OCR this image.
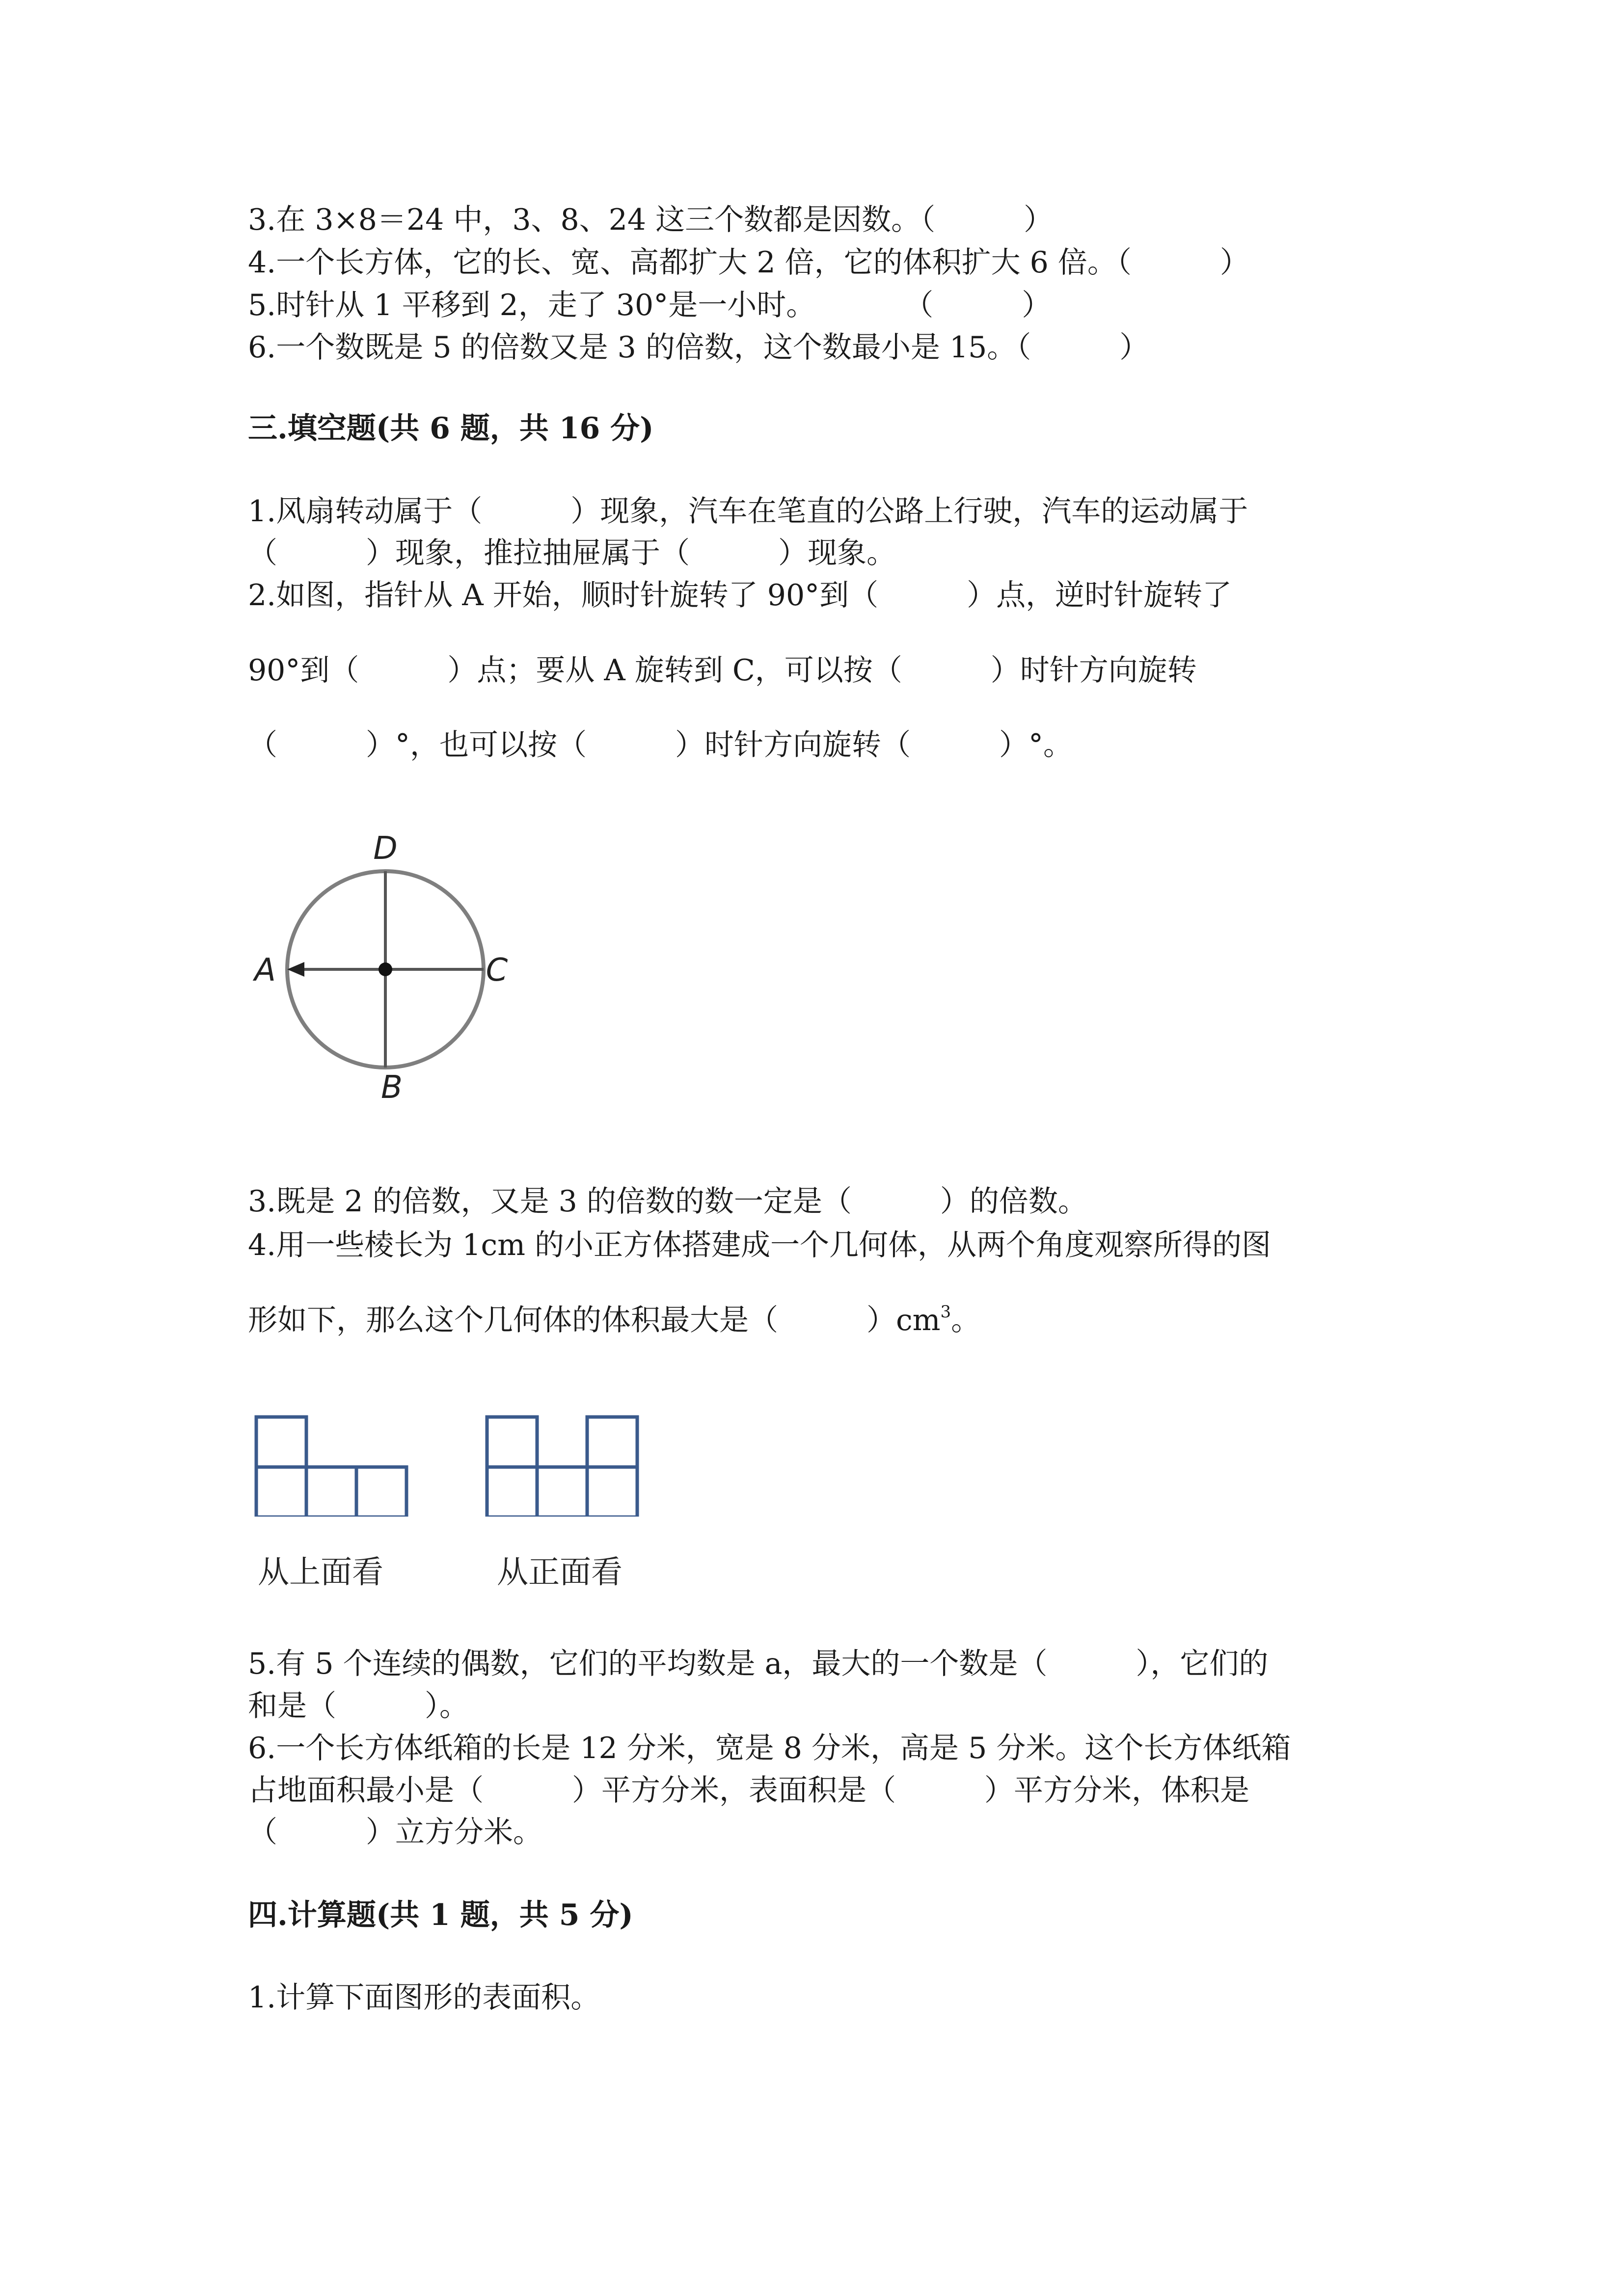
3.在 3×8＝24 中，3、8、24 这三个数都是因数。（　　　）

4.一个长方体，它的长、宽、高都扩大 2 倍，它的体积扩大 6 倍。（　　　）

5.时针从 1 平移到 2，走了 30°是一小时。　　　　（　　　）

6.一个数既是 5 的倍数又是 3 的倍数，这个数最小是 15。（　　　）

三.填空题(共 6 题，共 16 分)

1.风扇转动属于（　　　）现象，汽车在笔直的公路上行驶，汽车的运动属于

（　　　）现象，推拉抽屉属于（　　　）现象。

2.如图，指针从 A 开始，顺时针旋转了 90°到（　　　）点，逆时针旋转了

90°到（　　　）点；要从 A 旋转到 C，可以按（　　　）时针方向旋转

（　　　）°，也可以按（　　　）时针方向旋转（　　　）°。

D
A	C
B

3.既是 2 的倍数，又是 3 的倍数的数一定是（　　　）的倍数。

4.用一些棱长为 1cm 的小正方体搭建成一个几何体，从两个角度观察所得的图

形如下，那么这个几何体的体积最大是（　　　）$cm^3$。

从上面看	从正面看

5.有 5 个连续的偶数，它们的平均数是 a，最大的一个数是（　　　），它们的

和是（　　　）。

6.一个长方体纸箱的长是 12 分米，宽是 8 分米，高是 5 分米。这个长方体纸箱

占地面积最小是（　　　）平方分米，表面积是（　　　）平方分米，体积是

（　　　）立方分米。

四.计算题(共 1 题，共 5 分)

1.计算下面图形的表面积。
